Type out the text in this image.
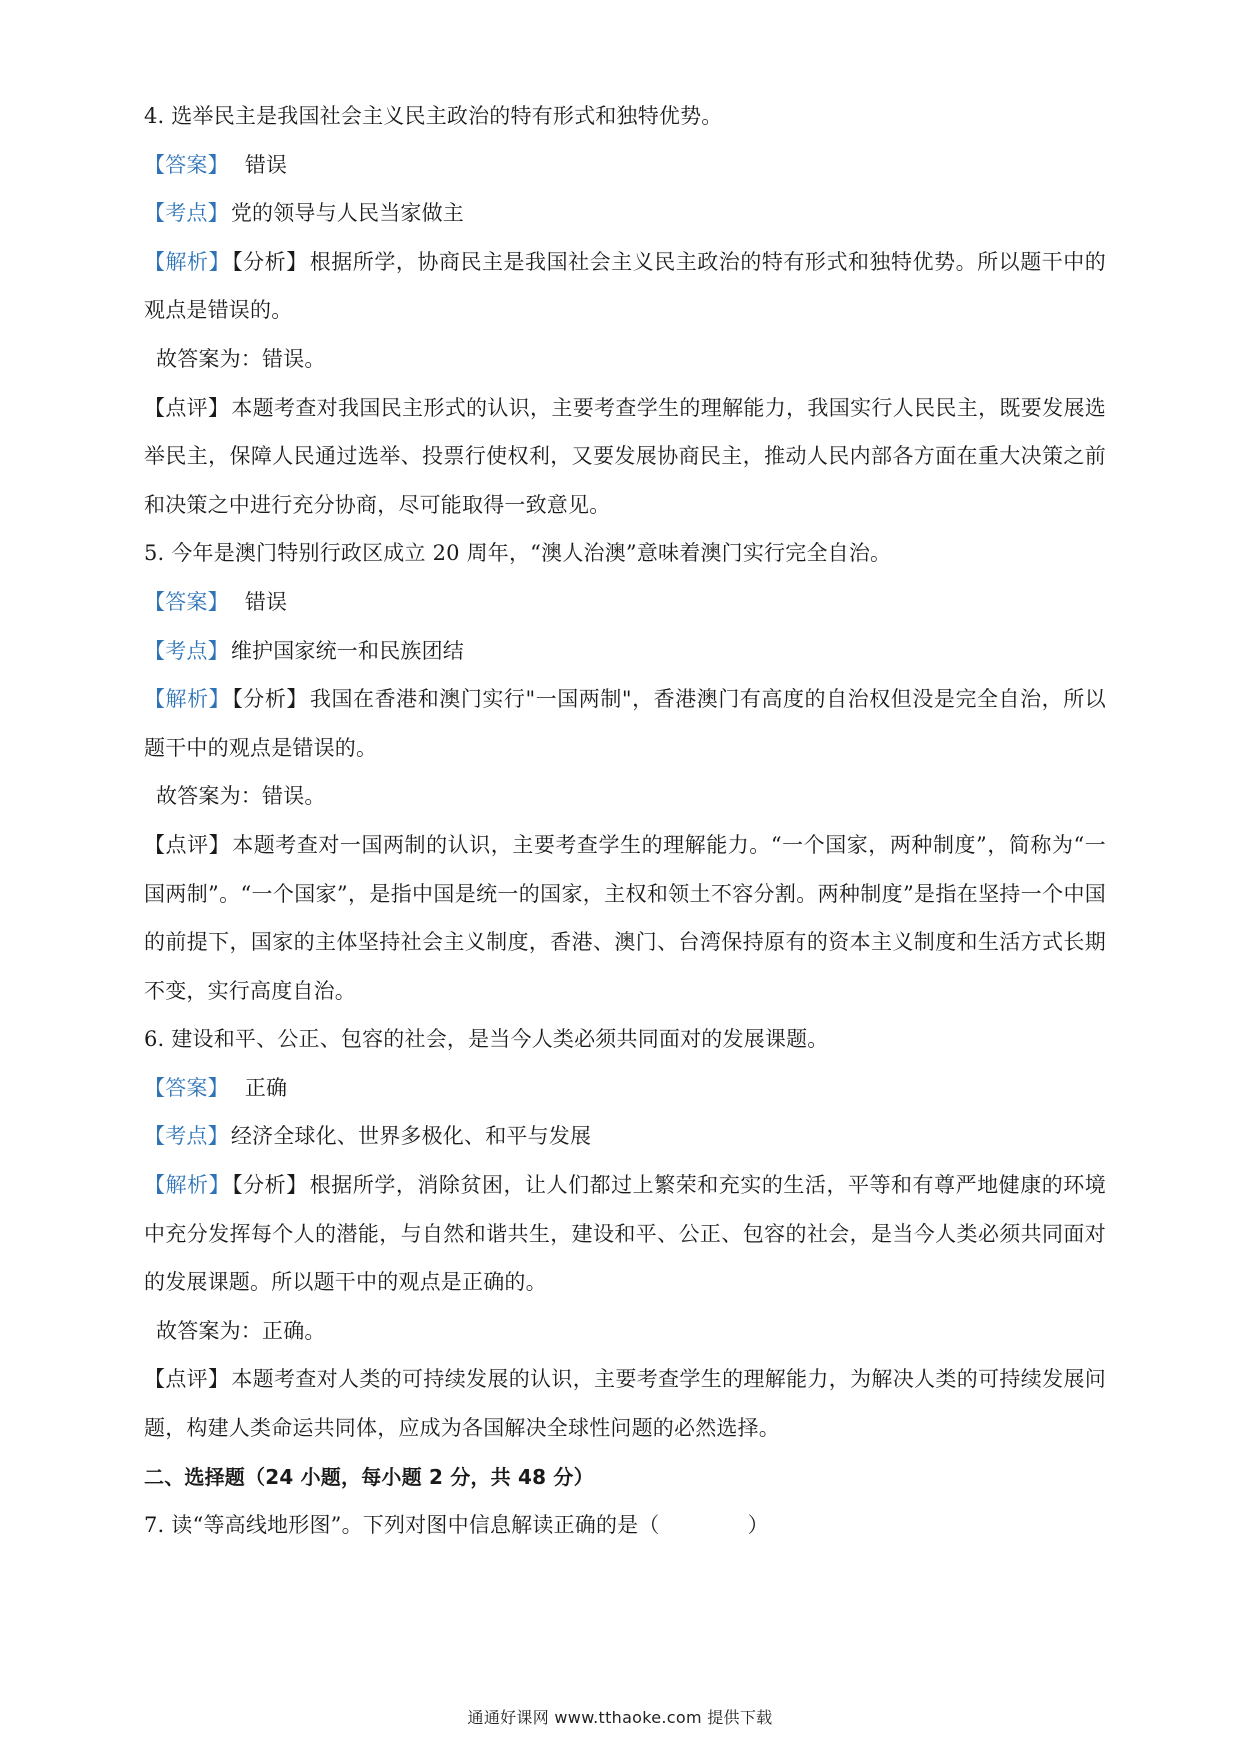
4. 选举民主是我国社会主义民主政治的特有形式和独特优势。
【答案】 错误
【考点】党的领导与人民当家做主
【解析】【分析】根据所学，协商民主是我国社会主义民主政治的特有形式和独特优势。所以题干中的观点是错误的。
故答案为：错误。
【点评】本题考查对我国民主形式的认识，主要考查学生的理解能力，我国实行人民民主，既要发展选举民主，保障人民通过选举、投票行使权利，又要发展协商民主，推动人民内部各方面在重大决策之前和决策之中进行充分协商，尽可能取得一致意见。
5. 今年是澳门特别行政区成立 20 周年，“澳人治澳”意味着澳门实行完全自治。
【答案】 错误
【考点】维护国家统一和民族团结
【解析】【分析】我国在香港和澳门实行"一国两制"，香港澳门有高度的自治权但没是完全自治，所以题干中的观点是错误的。
故答案为：错误。
【点评】本题考查对一国两制的认识，主要考查学生的理解能力。“一个国家，两种制度”，简称为“一国两制”。“一个国家”，是指中国是统一的国家，主权和领土不容分割。两种制度”是指在坚持一个中国的前提下，国家的主体坚持社会主义制度，香港、澳门、台湾保持原有的资本主义制度和生活方式长期不变，实行高度自治。
6. 建设和平、公正、包容的社会，是当今人类必须共同面对的发展课题。
【答案】 正确
【考点】经济全球化、世界多极化、和平与发展
【解析】【分析】根据所学，消除贫困，让人们都过上繁荣和充实的生活，平等和有尊严地健康的环境中充分发挥每个人的潜能，与自然和谐共生，建设和平、公正、包容的社会，是当今人类必须共同面对的发展课题。所以题干中的观点是正确的。
故答案为：正确。
【点评】本题考查对人类的可持续发展的认识，主要考查学生的理解能力，为解决人类的可持续发展问题，构建人类命运共同体，应成为各国解决全球性问题的必然选择。
二、选择题（24 小题，每小题 2 分，共 48 分）
7. 读“等高线地形图”。下列对图中信息解读正确的是（	）
通通好课网 www.tthaoke.com 提供下载
